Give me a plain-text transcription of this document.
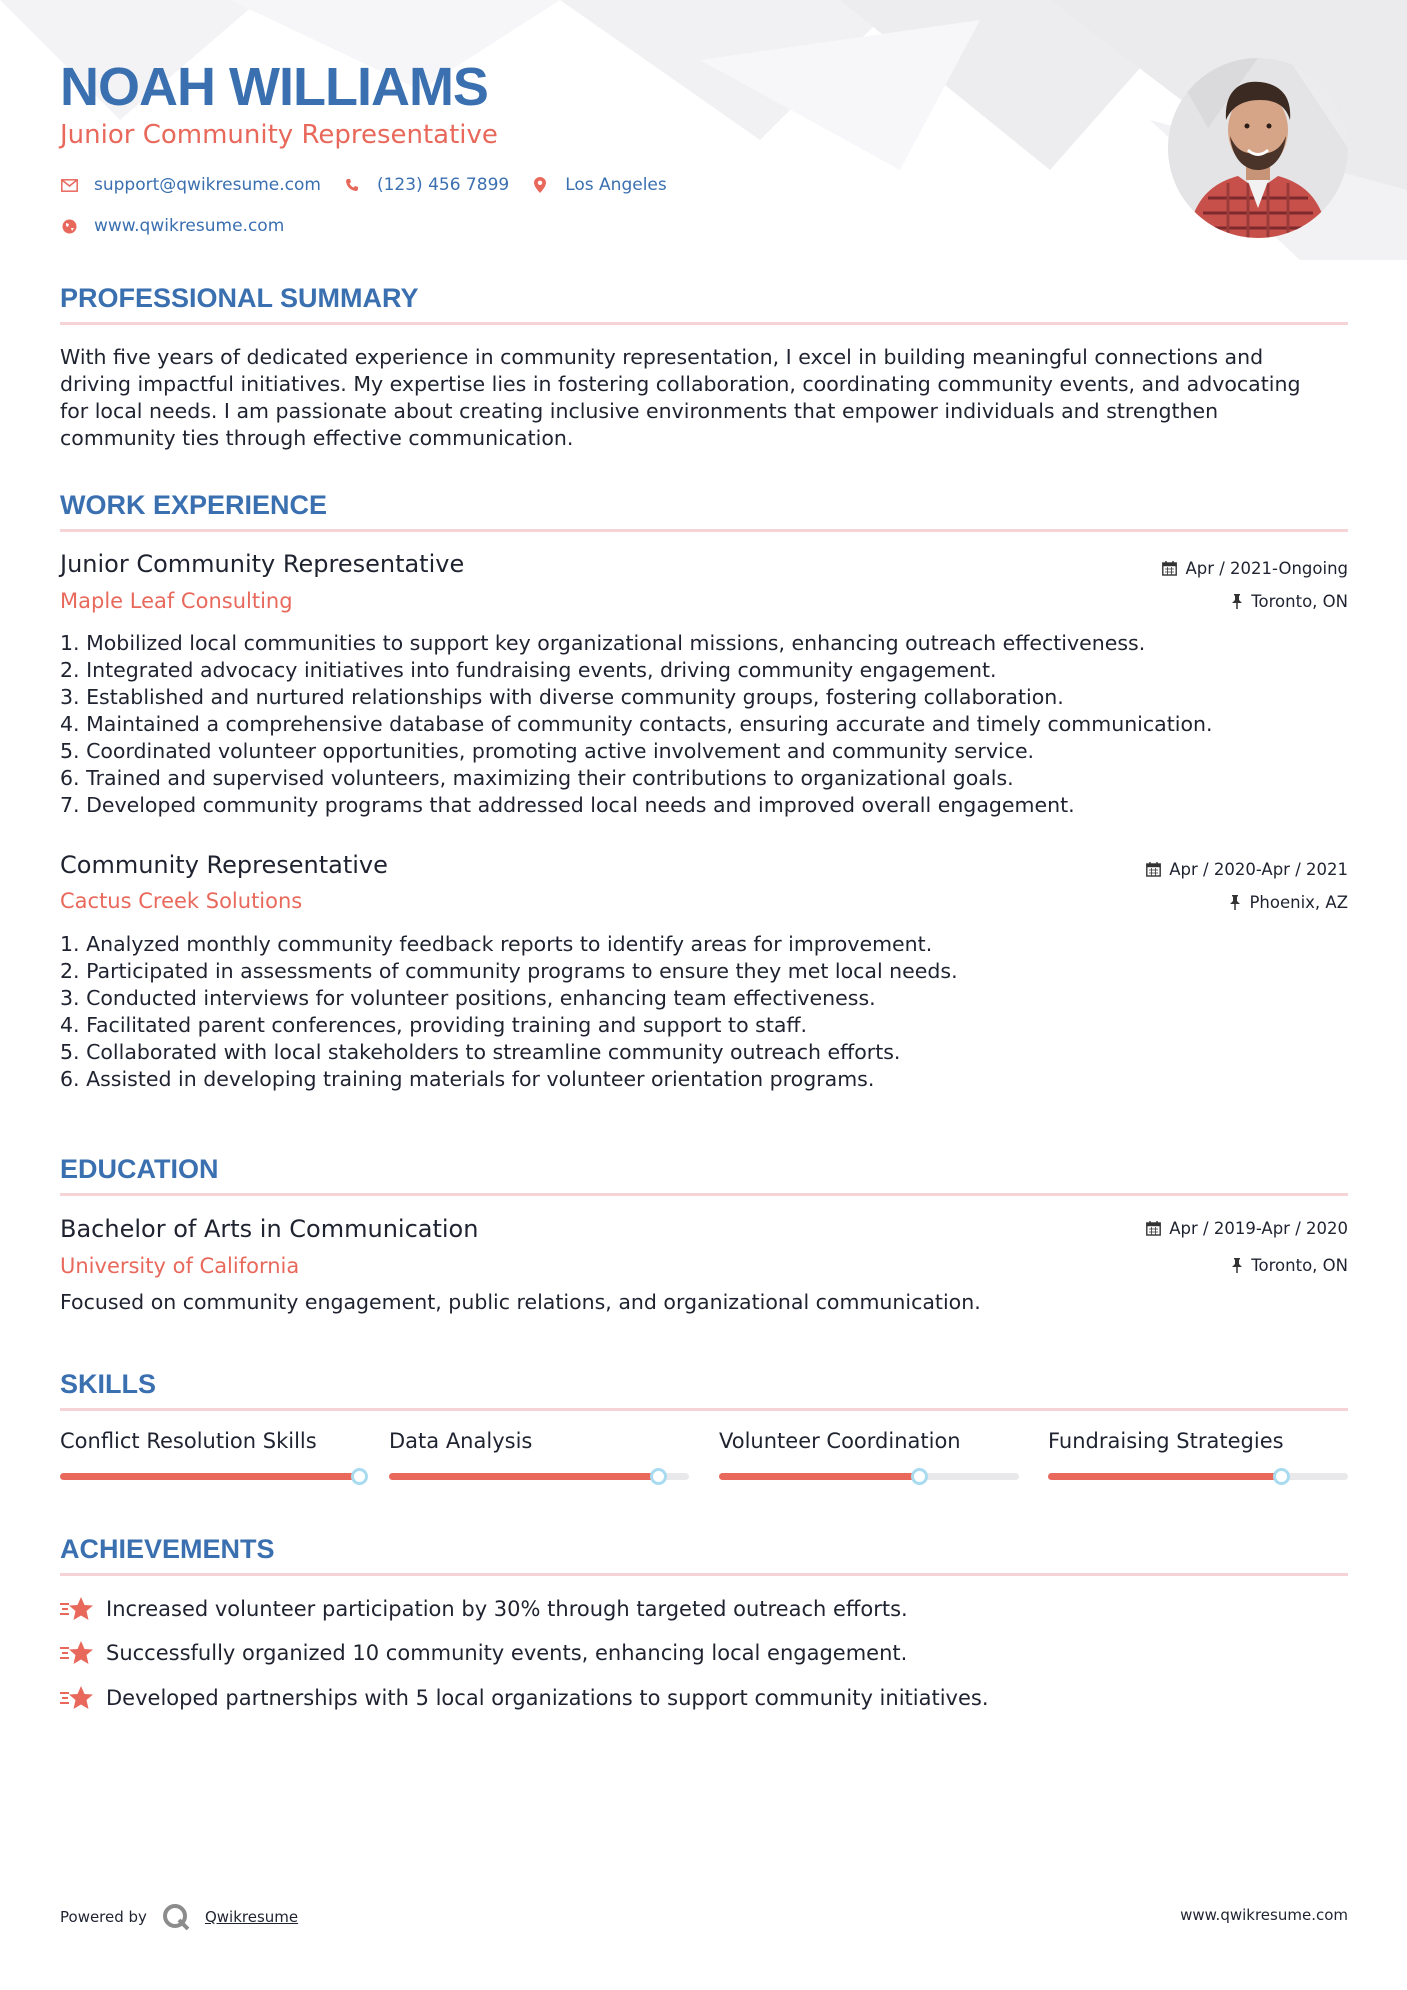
NOAH WILLIAMS
Junior Community Representative
support@qwikresume.com	(123) 456 7899	Los Angeles
www.qwikresume.com
PROFESSIONAL SUMMARY
With five years of dedicated experience in community representation, I excel in building meaningful connections and
driving impactful initiatives. My expertise lies in fostering collaboration, coordinating community events, and advocating
for local needs. I am passionate about creating inclusive environments that empower individuals and strengthen
community ties through effective communication.
WORK EXPERIENCE
Junior Community Representative
Maple Leaf Consulting
Apr / 2021-Ongoing
Toronto, ON
1. Mobilized local communities to support key organizational missions, enhancing outreach effectiveness.
2. Integrated advocacy initiatives into fundraising events, driving community engagement.
3. Established and nurtured relationships with diverse community groups, fostering collaboration.
4. Maintained a comprehensive database of community contacts, ensuring accurate and timely communication.
5. Coordinated volunteer opportunities, promoting active involvement and community service.
6. Trained and supervised volunteers, maximizing their contributions to organizational goals.
7. Developed community programs that addressed local needs and improved overall engagement.
Community Representative
Cactus Creek Solutions
Apr / 2020-Apr / 2021
Phoenix, AZ
1. Analyzed monthly community feedback reports to identify areas for improvement.
2. Participated in assessments of community programs to ensure they met local needs.
3. Conducted interviews for volunteer positions, enhancing team effectiveness.
4. Facilitated parent conferences, providing training and support to staff.
5. Collaborated with local stakeholders to streamline community outreach efforts.
6. Assisted in developing training materials for volunteer orientation programs.
EDUCATION
Bachelor of Arts in Communication
University of California
Apr / 2019-Apr / 2020
Toronto, ON
Focused on community engagement, public relations, and organizational communication.
SKILLS
Conflict Resolution Skills	Data Analysis	Volunteer Coordination	Fundraising Strategies
ACHIEVEMENTS
Increased volunteer participation by 30% through targeted outreach efforts.
Successfully organized 10 community events, enhancing local engagement.
Developed partnerships with 5 local organizations to support community initiatives.
Powered by	Qwikresume	www.qwikresume.com
